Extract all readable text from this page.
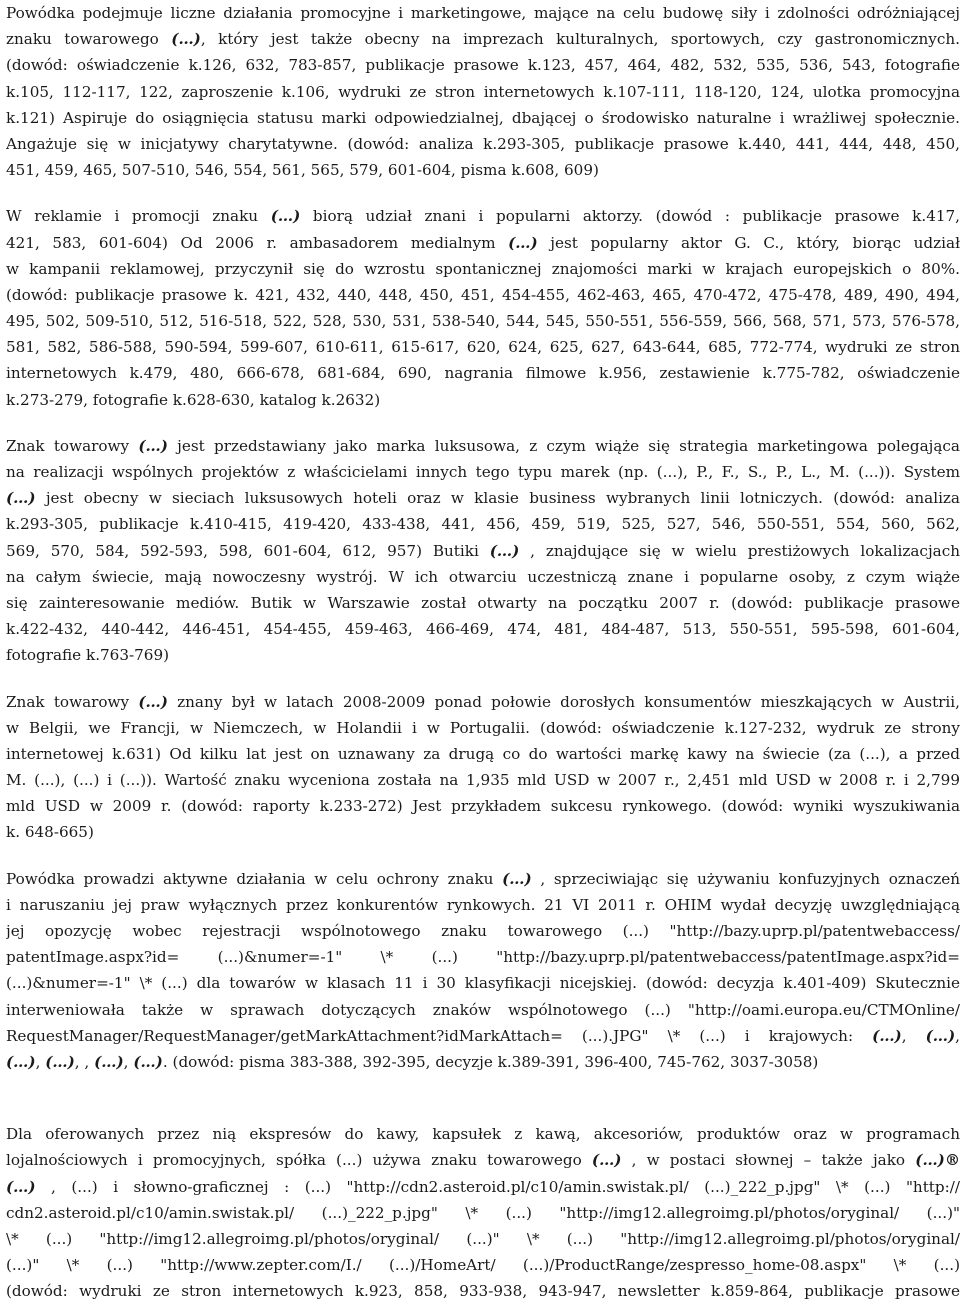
Powódka podejmuje liczne działania promocyjne i marketingowe, mające na celu budowę siły i zdolności odróżniającej
znaku towarowego (…), który jest także obecny na imprezach kulturalnych, sportowych, czy gastronomicznych.
(dowód: oświadczenie k.126, 632, 783-857, publikacje prasowe k.123, 457, 464, 482, 532, 535, 536, 543, fotografie
k.105, 112-117, 122, zaproszenie k.106, wydruki ze stron internetowych k.107-111, 118-120, 124, ulotka promocyjna
k.121) Aspiruje do osiągnięcia statusu marki odpowiedzialnej, dbającej o środowisko naturalne i wrażliwej społecznie.
Angażuje się w inicjatywy charytatywne. (dowód: analiza k.293-305, publikacje prasowe k.440, 441, 444, 448, 450,
451, 459, 465, 507-510, 546, 554, 561, 565, 579, 601-604, pisma k.608, 609)
W reklamie i promocji znaku (…) biorą udział znani i popularni aktorzy. (dowód : publikacje prasowe k.417,
421, 583, 601-604) Od 2006 r. ambasadorem medialnym (…) jest popularny aktor G. C., który, biorąc udział
w kampanii reklamowej, przyczynił się do wzrostu spontanicznej znajomości marki w krajach europejskich o 80%.
(dowód: publikacje prasowe k. 421, 432, 440, 448, 450, 451, 454-455, 462-463, 465, 470-472, 475-478, 489, 490, 494,
495, 502, 509-510, 512, 516-518, 522, 528, 530, 531, 538-540, 544, 545, 550-551, 556-559, 566, 568, 571, 573, 576-578,
581, 582, 586-588, 590-594, 599-607, 610-611, 615-617, 620, 624, 625, 627, 643-644, 685, 772-774, wydruki ze stron
internetowych k.479, 480, 666-678, 681-684, 690, nagrania filmowe k.956, zestawienie k.775-782, oświadczenie
k.273-279, fotografie k.628-630, katalog k.2632)
Znak towarowy (…) jest przedstawiany jako marka luksusowa, z czym wiąże się strategia marketingowa polegająca
na realizacji wspólnych projektów z właścicielami innych tego typu marek (np. (...), P., F., S., P., L., M. (...)). System
(…) jest obecny w sieciach luksusowych hoteli oraz w klasie business wybranych linii lotniczych. (dowód: analiza
k.293-305, publikacje k.410-415, 419-420, 433-438, 441, 456, 459, 519, 525, 527, 546, 550-551, 554, 560, 562,
569, 570, 584, 592-593, 598, 601-604, 612, 957) Butiki (…) , znajdujące się w wielu prestiżowych lokalizacjach
na całym świecie, mają nowoczesny wystrój. W ich otwarciu uczestniczą znane i popularne osoby, z czym wiąże
się zainteresowanie mediów. Butik w Warszawie został otwarty na początku 2007 r. (dowód: publikacje prasowe
k.422-432, 440-442, 446-451, 454-455, 459-463, 466-469, 474, 481, 484-487, 513, 550-551, 595-598, 601-604,
fotografie k.763-769)
Znak towarowy (…) znany był w latach 2008-2009 ponad połowie dorosłych konsumentów mieszkających w Austrii,
w Belgii, we Francji, w Niemczech, w Holandii i w Portugalii. (dowód: oświadczenie k.127-232, wydruk ze strony
internetowej k.631) Od kilku lat jest on uznawany za drugą co do wartości markę kawy na świecie (za (...), a przed
M. (...), (...) i (...)). Wartość znaku wyceniona została na 1,935 mld USD w 2007 r., 2,451 mld USD w 2008 r. i 2,799
mld USD w 2009 r. (dowód: raporty k.233-272) Jest przykładem sukcesu rynkowego. (dowód: wyniki wyszukiwania
k. 648-665)
Powódka prowadzi aktywne działania w celu ochrony znaku (…) , sprzeciwiając się używaniu konfuzyjnych oznaczeń
i naruszaniu jej praw wyłącznych przez konkurentów rynkowych. 21 VI 2011 r. OHIM wydał decyzję uwzględniającą
jej opozycję wobec rejestracji wspólnotowego znaku towarowego (...) "http://bazy.uprp.pl/patentwebaccess/
patentImage.aspx?id= (...)&numer=-1" \* (...) "http://bazy.uprp.pl/patentwebaccess/patentImage.aspx?id=
(...)&numer=-1" \* (...) dla towarów w klasach 11 i 30 klasyfikacji nicejskiej. (dowód: decyzja k.401-409) Skutecznie
interweniowała także w sprawach dotyczących znaków wspólnotowego (...) "http://oami.europa.eu/CTMOnline/
RequestManager/RequestManager/getMarkAttachment?idMarkAttach= (...).JPG" \* (...) i krajowych: (…), (…),
(…), (…), , (…), (…). (dowód: pisma 383-388, 392-395, decyzje k.389-391, 396-400, 745-762, 3037-3058)
Dla oferowanych przez nią ekspresów do kawy, kapsułek z kawą, akcesoriów, produktów oraz w programach
lojalnościowych i promocyjnych, spółka (...) używa znaku towarowego (…) , w postaci słownej – także jako (…)®
(…) , (...) i słowno-graficznej : (...) "http://cdn2.asteroid.pl/c10/amin.swistak.pl/ (...)_222_p.jpg" \* (...) "http://
cdn2.asteroid.pl/c10/amin.swistak.pl/ (...)_222_p.jpg" \* (...) "http://img12.allegroimg.pl/photos/oryginal/ (...)"
\* (...) "http://img12.allegroimg.pl/photos/oryginal/ (...)" \* (...) "http://img12.allegroimg.pl/photos/oryginal/
(...)" \* (...) "http://www.zepter.com/I./ (...)/HomeArt/ (...)/ProductRange/zespresso_home-08.aspx" \* (...)
(dowód: wydruki ze stron internetowych k.923, 858, 933-938, 943-947, newsletter k.859-864, publikacje prasowe
